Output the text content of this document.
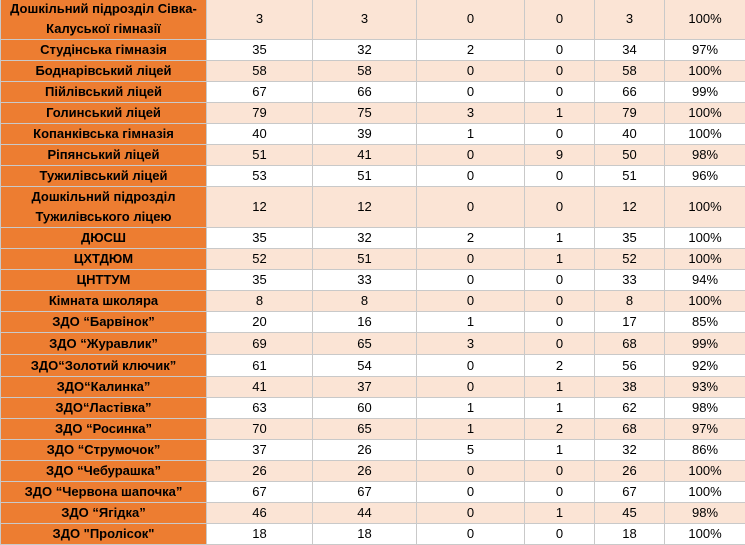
Дошкільний підрозділ Сівка-Калуської гімназії	3	3	0	0	3	100%
Студінська гімназія	35	32	2	0	34	97%
Боднарівський ліцей	58	58	0	0	58	100%
Пійлівський ліцей	67	66	0	0	66	99%
Голинський ліцей	79	75	3	1	79	100%
Копанківська гімназія	40	39	1	0	40	100%
Ріпянський ліцей	51	41	0	9	50	98%
Тужилівський ліцей	53	51	0	0	51	96%
Дошкільний підрозділ Тужилівського ліцею	12	12	0	0	12	100%
ДЮСШ	35	32	2	1	35	100%
ЦХТДЮМ	52	51	0	1	52	100%
ЦНТТУМ	35	33	0	0	33	94%
Кімната школяра	8	8	0	0	8	100%
ЗДО “Барвінок”	20	16	1	0	17	85%
ЗДО “Журавлик”	69	65	3	0	68	99%
ЗДО“Золотий ключик”	61	54	0	2	56	92%
ЗДО“Калинка”	41	37	0	1	38	93%
ЗДО“Ластівка”	63	60	1	1	62	98%
ЗДО “Росинка”	70	65	1	2	68	97%
ЗДО “Струмочок”	37	26	5	1	32	86%
ЗДО “Чебурашка”	26	26	0	0	26	100%
ЗДО “Червона шапочка”	67	67	0	0	67	100%
ЗДО “Ягідка”	46	44	0	1	45	98%
ЗДО "Пролісок"	18	18	0	0	18	100%
